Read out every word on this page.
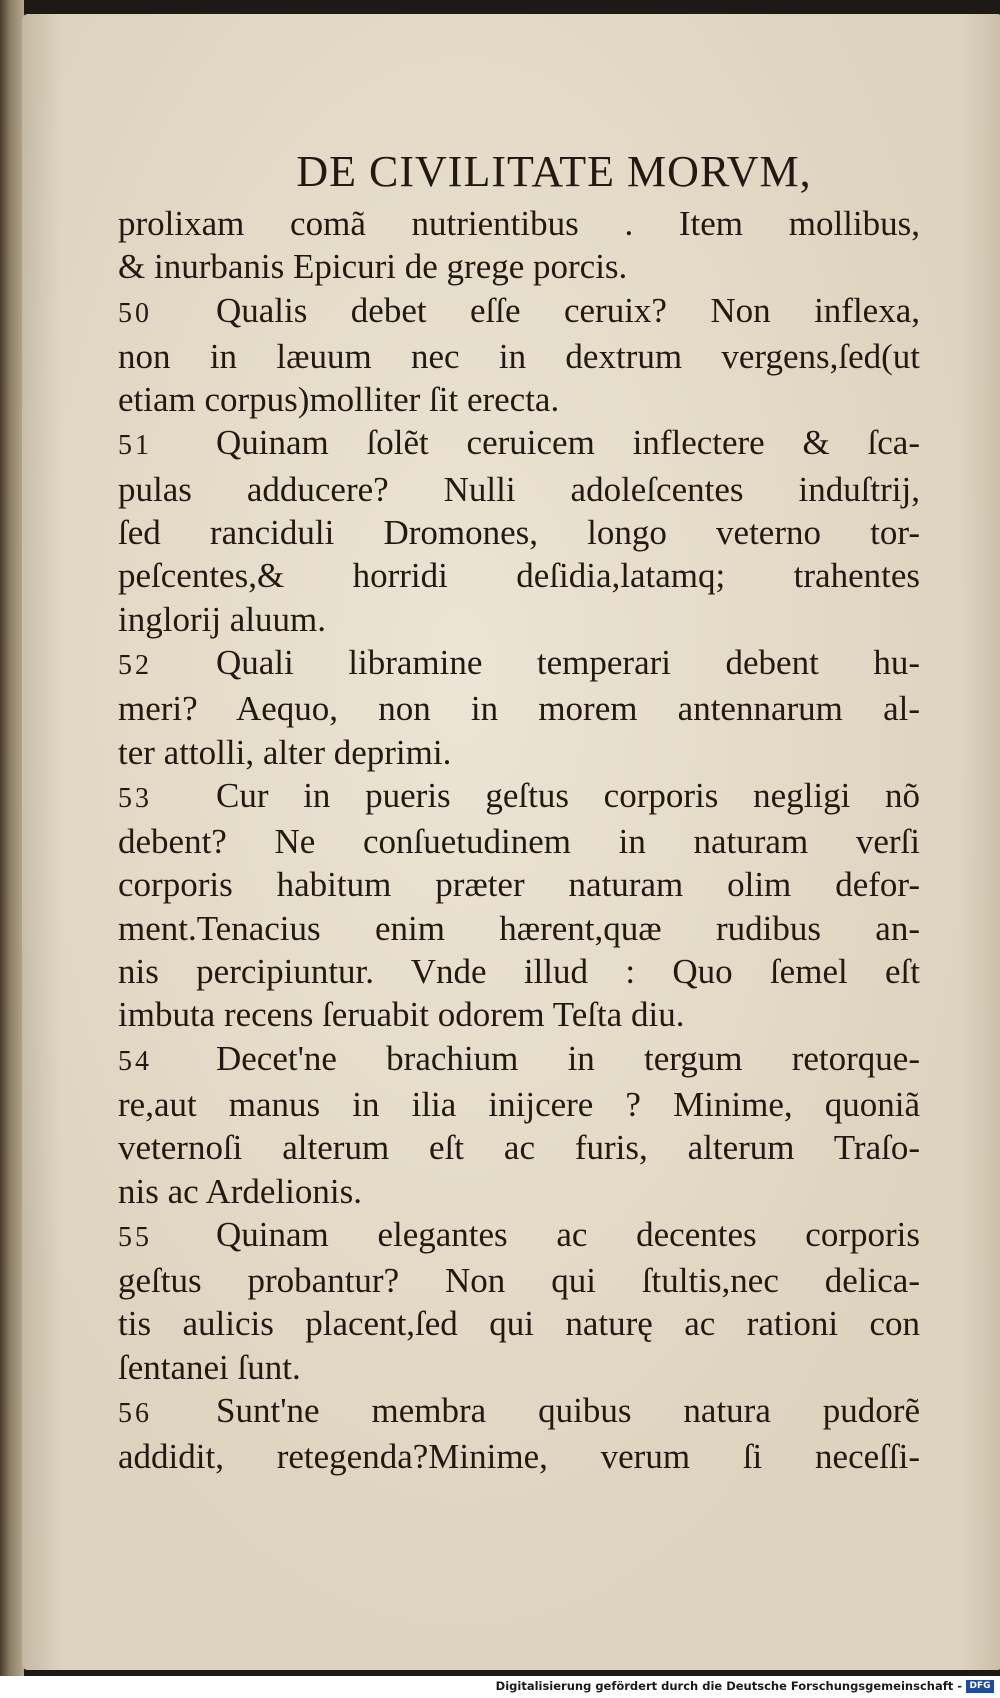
DE CIVILITATE MORVM,
prolixam comã nutrientibus . Item mollibus,
& inurbanis Epicuri de grege porcis.
50 Qualis debet eſſe ceruix? Non inflexa,
non in læuum nec in dextrum vergens,ſed(ut
etiam corpus)molliter ſit erecta.
51 Quinam ſolẽt ceruicem inflectere & ſca-
pulas adducere? Nulli adoleſcentes induſtrij,
ſed ranciduli Dromones, longo veterno tor-
peſcentes,& horridi deſidia,latamq; trahentes
inglorij aluum.
52 Quali libramine temperari debent hu-
meri? Aequo, non in morem antennarum al-
ter attolli, alter deprimi.
53 Cur in pueris geſtus corporis negligi nõ
debent? Ne conſuetudinem in naturam verſi
corporis habitum præter naturam olim defor-
ment.Tenacius enim hærent,quæ rudibus an-
nis percipiuntur. Vnde illud : Quo ſemel eſt
imbuta recens ſeruabit odorem Teſta diu.
54 Decet'ne brachium in tergum retorque-
re,aut manus in ilia inijcere ? Minime, quoniã
veternoſi alterum eſt ac furis, alterum Traſo-
nis ac Ardelionis.
55 Quinam elegantes ac decentes corporis
geſtus probantur? Non qui ſtultis,nec delica-
tis aulicis placent,ſed qui naturę ac rationi con
ſentanei ſunt.
56 Sunt'ne membra quibus natura pudorẽ
addidit, retegenda?Minime, verum ſi neceſſi-
Digitalisierung gefördert durch die Deutsche Forschungsgemeinschaft - DFG
